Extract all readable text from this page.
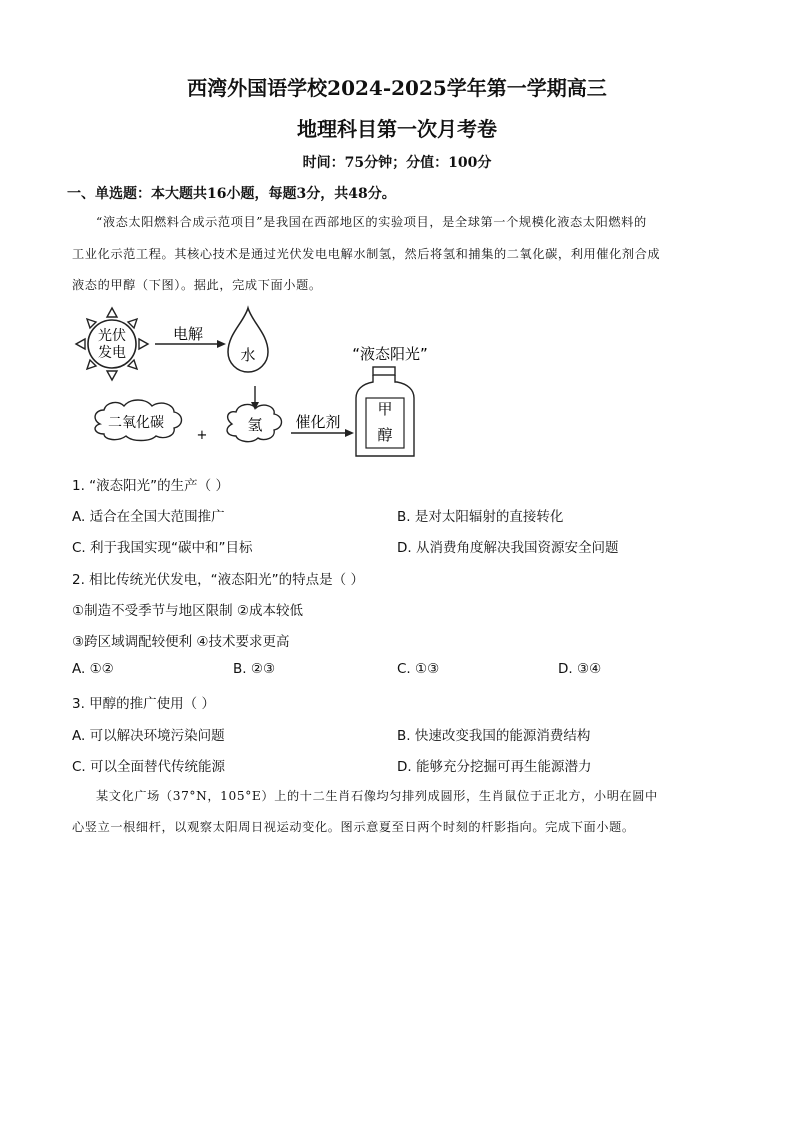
西湾外国语学校2024-2025学年第一学期高三
地理科目第一次月考卷
时间：75分钟；分值：100分
一、单选题：本大题共16小题，每题3分，共48分。
“液态太阳燃料合成示范项目”是我国在西部地区的实验项目，是全球第一个规模化液态太阳燃料的
工业化示范工程。其核心技术是通过光伏发电电解水制氢，然后将氢和捕集的二氧化碳，利用催化剂合成
液态的甲醇（下图）。据此，完成下面小题。
光伏
发电
电解
水
二氧化碳
+
氢 催化剂
“液态阳光”
甲
醇
1. “液态阳光”的生产（ ）
A. 适合在全国大范围推广	B. 是对太阳辐射的直接转化
C. 利于我国实现“碳中和”目标	D. 从消费角度解决我国资源安全问题
2. 相比传统光伏发电，“液态阳光”的特点是（ ）
①制造不受季节与地区限制 ②成本较低
③跨区域调配较便利 ④技术要求更高
A. ①②	B. ②③	C. ①③	D. ③④
3. 甲醇的推广使用（ ）
A. 可以解决环境污染问题	B. 快速改变我国的能源消费结构
C. 可以全面替代传统能源	D. 能够充分挖掘可再生能源潜力
某文化广场（37°N，105°E）上的十二生肖石像均匀排列成圆形，生肖鼠位于正北方，小明在圆中
心竖立一根细杆，以观察太阳周日视运动变化。图示意夏至日两个时刻的杆影指向。完成下面小题。
